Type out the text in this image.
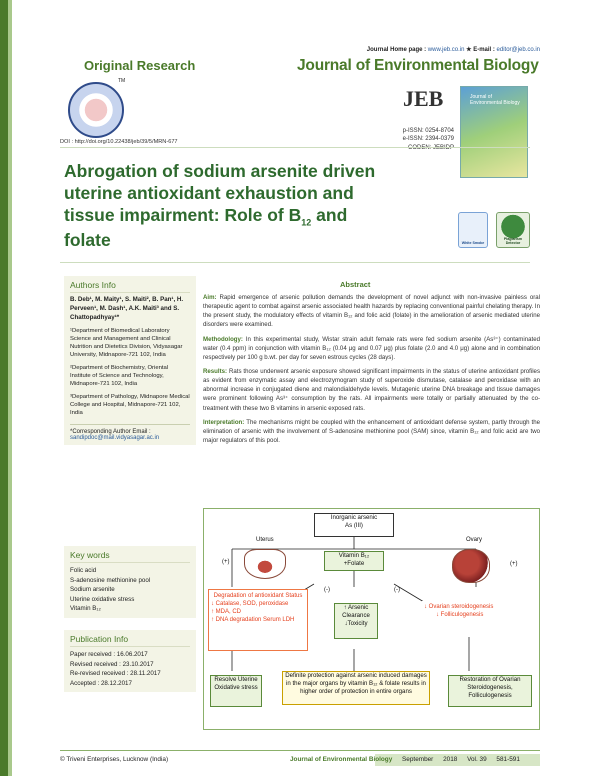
Journal Home page : www.jeb.co.in ★ E-mail : editor@jeb.co.in
Original Research	Journal of Environmental Biology
TM
JEB	Journal of Environmental Biology
p-ISSN: 0254-8704
e-ISSN: 2394-0379
DOI : http://doi.org/10.22438/jeb/39/5/MRN-677
Abrogation of sodium arsenite driven
uterine antioxidant exhaustion and
tissue impairment: Role of $B_{12}$ and
folate	White Smoke
Plagiarism Detector
Authors Info
B. Deb¹, M. Maity¹, S. Maiti², B. Pan¹, H. Perveen¹, M. Dash¹, A.K. Maiti³ and S. Chattopadhyay¹*
¹Department of Biomedical Laboratory Science and Management and Clinical Nutrition and Dietetics Division, Vidyasagar University, Midnapore-721 102, India
²Department of Biochemistry, Oriental Institute of Science and Technology, Midnapore-721 102, India
³Department of Pathology, Midnapore Medical College and Hospital, Midnapore-721 102, India
*Corresponding Author Email :
sandipdoc@mail.vidyasagar.ac.in
Key words
Folic acid
S-adenosine methionine pool
Sodium arsenite
Uterine oxidative stress
Vitamin B₁₂
Publication Info
Paper received : 16.06.2017
Revised received : 23.10.2017
Re-revised received : 28.11.2017
Accepted : 28.12.2017
Abstract

Aim: Rapid emergence of arsenic pollution demands the development of novel adjunct with non-invasive painless oral therapeutic agent to combat against arsenic associated health hazards by replacing conventional painful chelating therapy. In the present study, the modulatory effects of vitamin B₁₂ and folic acid (folate) in the amelioration of arsenic mediated uterine disorders were examined.

Methodology: In this experimental study, Wistar strain adult female rats were fed sodium arsenite (As³⁺) contaminated water (0.4 ppm) in conjunction with vitamin B₁₂ (0.04 μg and 0.07 μg) plus folate (2.0 and 4.0 μg) alone and in combination respectively per 100 g b.wt. per day for seven estrous cycles (28 days).

Results: Rats those underwent arsenic exposure showed significant impairments in the status of uterine antioxidant profiles as evident from enzymatic assay and electrozymogram study of superoxide dismutase, catalase and peroxidase with an abnormal increase in conjugated diene and malondialdehyde levels. Mutagenic uterine DNA breakage and tissue damages were prominent following As³⁺ consumption by the rats. All impairments were totally or partially attenuated by the co-treatment with these two B vitamins in arsenic exposed rats.

Interpretation: The mechanisms might be coupled with the enhancement of antioxidant defense system, partly through the elimination of arsenic with the involvement of S-adenosine methionine pool (SAM) since, vitamin B₁₂ and folic acid are two major regulators of this pool.

Inorganic arsenic
As (III)
Uterus	Ovary
(+)	(+)
Vitamin B₁₂
+Folate
(-)	(-)
Degradation of antioxidant Status
↓ Catalase, SOD, peroxidase
↑ MDA, CD
↑ DNA degradation Serum LDH
↑ Arsenic Clearance
↓Toxicity
↓ Ovarian steroidogenesis
↓ Folliculogenesis
Resolve Uterine Oxidative stress
Definite protection against arsenic induced damages in the major organs by vitamin B₁₂ & folate results in higher order of protection in entire organs
Restoration of Ovarian Steroidogenesis, Folliculogenesis
© Triveni Enterprises, Lucknow (India)	Journal of Environmental Biology September 2018 Vol. 39 581-591
